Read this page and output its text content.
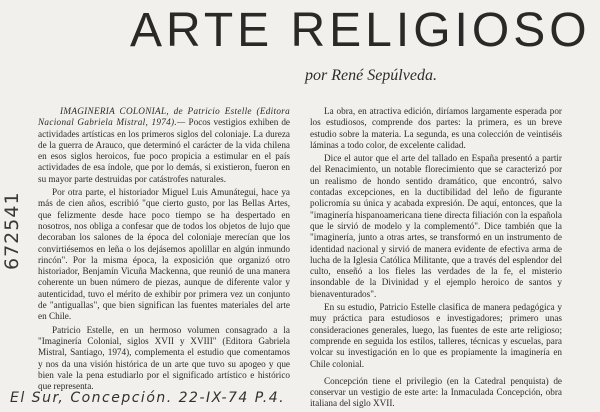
ARTE RELIGIOSO
por René Sepúlveda.

IMAGINERIA COLONIAL, de Patricio Estelle (Editora Nacional Gabriela Mistral, 1974).— Pocos vestigios exhiben de actividades artísticas en los primeros siglos del coloniaje. La dureza de la guerra de Arauco, que determinó el carácter de la vida chilena en esos siglos heroicos, fue poco propicia a estimular en el país actividades de esa índole, que por lo demás, si existieron, fueron en su mayor parte destruidas por catástrofes naturales.

Por otra parte, el historiador Miguel Luis Amunátegui, hace ya más de cien años, escribió "que cierto gusto, por las Bellas Artes, que felizmente desde hace poco tiempo se ha despertado en nosotros, nos obliga a confesar que de todos los objetos de lujo que decoraban los salones de la época del coloniaje merecían que los convirtiésemos en leña o los dejásemos apolillar en algún inmundo rincón". Por la misma época, la exposición que organizó otro historiador, Benjamín Vicuña Mackenna, que reunió de una manera coherente un buen número de piezas, aunque de diferente valor y autenticidad, tuvo el mérito de exhibir por primera vez un conjunto de "antiguallas", que bien significan las fuentes materiales del arte en Chile.

Patricio Estelle, en un hermoso volumen consagrado a la "Imaginería Colonial, siglos XVII y XVIII" (Editora Gabriela Mistral, Santiago, 1974), complementa el estudio que comentamos y nos da una visión histórica de un arte que tuvo su apogeo y que bien vale la pena estudiarlo por el significado artístico e histórico que representa.

La obra, en atractiva edición, diríamos largamente esperada por los estudiosos, comprende dos partes: la primera, es un breve estudio sobre la materia. La segunda, es una colección de veintiséis láminas a todo color, de excelente calidad.

Dice el autor que el arte del tallado en España presentó a partir del Renacimiento, un notable florecimiento que se caracterizó por un realismo de hondo sentido dramático, que encontró, salvo contadas excepciones, en la ductibilidad del leño de figurante policromía su única y acabada expresión. De aquí, entonces, que la "imaginería hispanoamericana tiene directa filiación con la española que le sirvió de modelo y la complementó". Dice también que la "imaginería, junto a otras artes, se transformó en un instrumento de identidad nacional y sirvió de manera evidente de efectiva arma de lucha de la Iglesia Católica Militante, que a través del esplendor del culto, enseñó a los fieles las verdades de la fe, el misterio insondable de la Divinidad y el ejemplo heroico de santos y bienaventurados".

En su estudio, Patricio Estelle clasifica de manera pedagógica y muy práctica para estudiosos e investigadores; primero unas consideraciones generales, luego, las fuentes de este arte religioso; comprende en seguida los estilos, talleres, técnicas y escuelas, para volcar su investigación en lo que es propiamente la imaginería en Chile colonial.

Concepción tiene el privilegio (en la Catedral penquista) de conservar un vestigio de este arte: la Inmaculada Concepción, obra italiana del siglo XVII.

672541
El Sur, Concepción. 22-IX-74 P.4.
